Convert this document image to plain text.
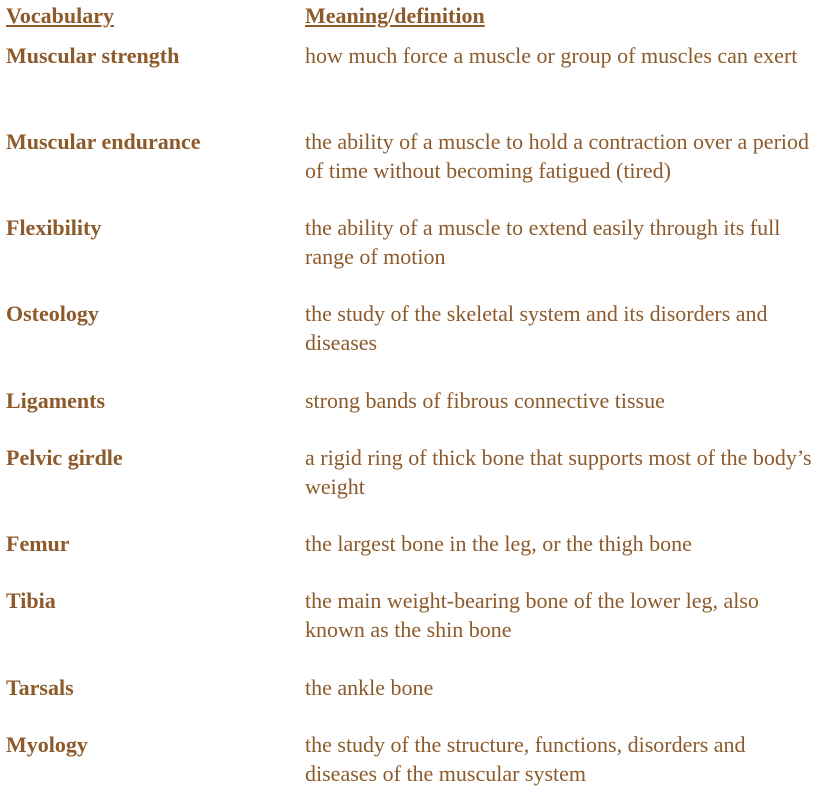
Vocabulary	Meaning/definition
Muscular strength	how much force a muscle or group of muscles can exert
Muscular endurance	the ability of a muscle to hold a contraction over a period of time without becoming fatigued (tired)
Flexibility	the ability of a muscle to extend easily through its full range of motion
Osteology	the study of the skeletal system and its disorders and diseases
Ligaments	strong bands of fibrous connective tissue
Pelvic girdle	a rigid ring of thick bone that supports most of the body’s weight
Femur	the largest bone in the leg, or the thigh bone
Tibia	the main weight-bearing bone of the lower leg, also known as the shin bone
Tarsals	the ankle bone
Myology	the study of the structure, functions, disorders and diseases of the muscular system
